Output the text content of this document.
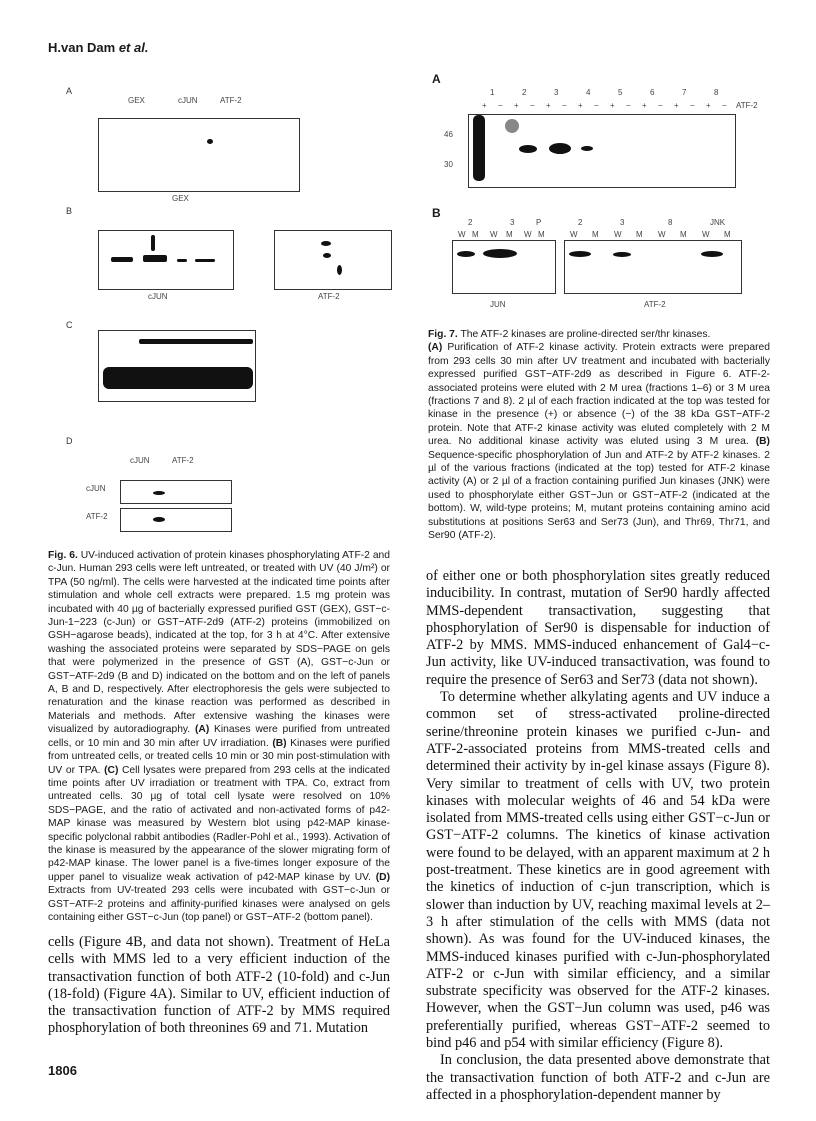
H.van Dam et al.
A
GEX	cJUN	ATF-2
GEX
B
cJUN	ATF-2
C
D
cJUN	ATF-2
cJUN
ATF-2

Fig. 6. UV-induced activation of protein kinases phosphorylating ATF-2 and c-Jun. Human 293 cells were left untreated, or treated with UV (40 J/m²) or TPA (50 ng/ml). The cells were harvested at the indicated time points after stimulation and whole cell extracts were prepared. 1.5 mg protein was incubated with 40 µg of bacterially expressed purified GST (GEX), GST−c-Jun-1−223 (c-Jun) or GST−ATF-2d9 (ATF-2) proteins (immobilized on GSH−agarose beads), indicated at the top, for 3 h at 4°C. After extensive washing the associated proteins were separated by SDS−PAGE on gels that were polymerized in the presence of GST (A), GST−c-Jun or GST−ATF-2d9 (B and D) indicated on the bottom and on the left of panels A, B and D, respectively. After electrophoresis the gels were subjected to renaturation and the kinase reaction was performed as described in Materials and methods. After extensive washing the kinases were visualized by autoradiography. (A) Kinases were purified from untreated cells, or 10 min and 30 min after UV irradiation. (B) Kinases were purified from untreated cells, or treated cells 10 min or 30 min post-stimulation with UV or TPA. (C) Cell lysates were prepared from 293 cells at the indicated time points after UV irradiation or treatment with TPA. Co, extract from untreated cells. 30 µg of total cell lysate were resolved on 10% SDS−PAGE, and the ratio of activated and non-activated forms of p42-MAP kinase was measured by Western blot using p42-MAP kinase-specific polyclonal rabbit antibodies (Radler-Pohl et al., 1993). Activation of the kinase is measured by the appearance of the slower migrating form of p42-MAP kinase. The lower panel is a five-times longer exposure of the upper panel to visualize weak activation of p42-MAP kinase by UV. (D) Extracts from UV-treated 293 cells were incubated with GST−c-Jun or GST−ATF-2 proteins and affinity-purified kinases were analysed on gels containing either GST−c-Jun (top panel) or GST−ATF-2 (bottom panel).

cells (Figure 4B, and data not shown). Treatment of HeLa cells with MMS led to a very efficient induction of the transactivation function of both ATF-2 (10-fold) and c-Jun (18-fold) (Figure 4A). Similar to UV, efficient induction of the transactivation function of ATF-2 by MMS required phosphorylation of both threonines 69 and 71. Mutation

1806
A
1	2	3	4	5	6	7	8
+ − + − + − + − + − + − + − + − ATF-2
46
30
B
2	3	P
W M W M W M
JUN
2	3	8	JNK
W M W M W M W M
ATF-2

Fig. 7. The ATF-2 kinases are proline-directed ser/thr kinases.
(A) Purification of ATF-2 kinase activity. Protein extracts were prepared from 293 cells 30 min after UV treatment and incubated with bacterially expressed purified GST−ATF-2d9 as described in Figure 6. ATF-2-associated proteins were eluted with 2 M urea (fractions 1–6) or 3 M urea (fractions 7 and 8). 2 µl of each fraction indicated at the top was tested for kinase in the presence (+) or absence (−) of the 38 kDa GST−ATF-2 protein. Note that ATF-2 kinase activity was eluted completely with 2 M urea. No additional kinase activity was eluted using 3 M urea. (B) Sequence-specific phosphorylation of Jun and ATF-2 by ATF-2 kinases. 2 µl of the various fractions (indicated at the top) tested for ATF-2 kinase activity (A) or 2 µl of a fraction containing purified Jun kinases (JNK) were used to phosphorylate either GST−Jun or GST−ATF-2 (indicated at the bottom). W, wild-type proteins; M, mutant proteins containing amino acid substitutions at positions Ser63 and Ser73 (Jun), and Thr69, Thr71, and Ser90 (ATF-2).

of either one or both phosphorylation sites greatly reduced inducibility. In contrast, mutation of Ser90 hardly affected MMS-dependent transactivation, suggesting that phosphorylation of Ser90 is dispensable for induction of ATF-2 by MMS. MMS-induced enhancement of Gal4−c-Jun activity, like UV-induced transactivation, was found to require the presence of Ser63 and Ser73 (data not shown).

To determine whether alkylating agents and UV induce a common set of stress-activated proline-directed serine/threonine protein kinases we purified c-Jun- and ATF-2-associated proteins from MMS-treated cells and determined their activity by in-gel kinase assays (Figure 8). Very similar to treatment of cells with UV, two protein kinases with molecular weights of 46 and 54 kDa were isolated from MMS-treated cells using either GST−c-Jun or GST−ATF-2 columns. The kinetics of kinase activation were found to be delayed, with an apparent maximum at 2 h post-treatment. These kinetics are in good agreement with the kinetics of induction of c-jun transcription, which is slower than induction by UV, reaching maximal levels at 2–3 h after stimulation of the cells with MMS (data not shown). As was found for the UV-induced kinases, the MMS-induced kinases purified with c-Jun-phosphorylated ATF-2 or c-Jun with similar efficiency, and a similar substrate specificity was observed for the ATF-2 kinases. However, when the GST−Jun column was used, p46 was preferentially purified, whereas GST−ATF-2 seemed to bind p46 and p54 with similar efficiency (Figure 8).

In conclusion, the data presented above demonstrate that the transactivation function of both ATF-2 and c-Jun are affected in a phosphorylation-dependent manner by
